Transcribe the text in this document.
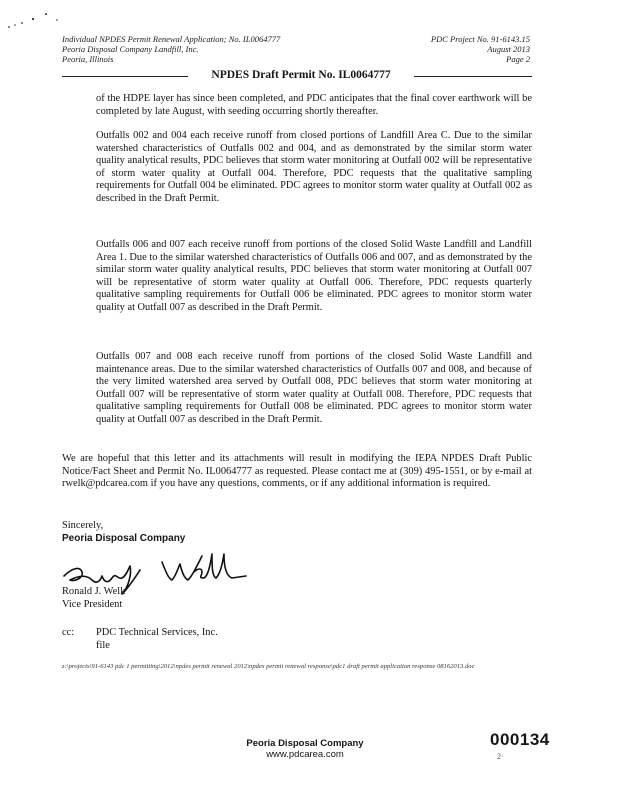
Individual NPDES Permit Renewal Application; No. IL0064777
Peoria Disposal Company Landfill, Inc.
Peoria, Illinois
PDC Project No. 91-6143.15
August 2013
Page 2
NPDES Draft Permit No. IL0064777

of the HDPE layer has since been completed, and PDC anticipates that the final cover earthwork will be completed by late August, with seeding occurring shortly thereafter.

Outfalls 002 and 004 each receive runoff from closed portions of Landfill Area C. Due to the similar watershed characteristics of Outfalls 002 and 004, and as demonstrated by the similar storm water quality analytical results, PDC believes that storm water monitoring at Outfall 002 will be representative of storm water quality at Outfall 004. Therefore, PDC requests that the qualitative sampling requirements for Outfall 004 be eliminated. PDC agrees to monitor storm water quality at Outfall 002 as described in the Draft Permit.

Outfalls 006 and 007 each receive runoff from portions of the closed Solid Waste Landfill and Landfill Area 1. Due to the similar watershed characteristics of Outfalls 006 and 007, and as demonstrated by the similar storm water quality analytical results, PDC believes that storm water monitoring at Outfall 007 will be representative of storm water quality at Outfall 006. Therefore, PDC requests quarterly qualitative sampling requirements for Outfall 006 be eliminated. PDC agrees to monitor storm water quality at Outfall 007 as described in the Draft Permit.

Outfalls 007 and 008 each receive runoff from portions of the closed Solid Waste Landfill and maintenance areas. Due to the similar watershed characteristics of Outfalls 007 and 008, and because of the very limited watershed area served by Outfall 008, PDC believes that storm water monitoring at Outfall 007 will be representative of storm water quality at Outfall 008. Therefore, PDC requests that qualitative sampling requirements for Outfall 008 be eliminated. PDC agrees to monitor storm water quality at Outfall 007 as described in the Draft Permit.

We are hopeful that this letter and its attachments will result in modifying the IEPA NPDES Draft Public Notice/Fact Sheet and Permit No. IL0064777 as requested. Please contact me at (309) 495-1551, or by e-mail at rwelk@pdcarea.com if you have any questions, comments, or if any additional information is required.

Sincerely,
Peoria Disposal Company
Ronald J. Welk
Vice President
cc: PDC Technical Services, Inc.
file
z:\projects\91-6143 pdc 1 permitting\2012\npdes permit renewal 2012\npdes permit renewal response\pdc1 draft permit application response 08162013.doc
Peoria Disposal Company
www.pdcarea.com
000134
2·
